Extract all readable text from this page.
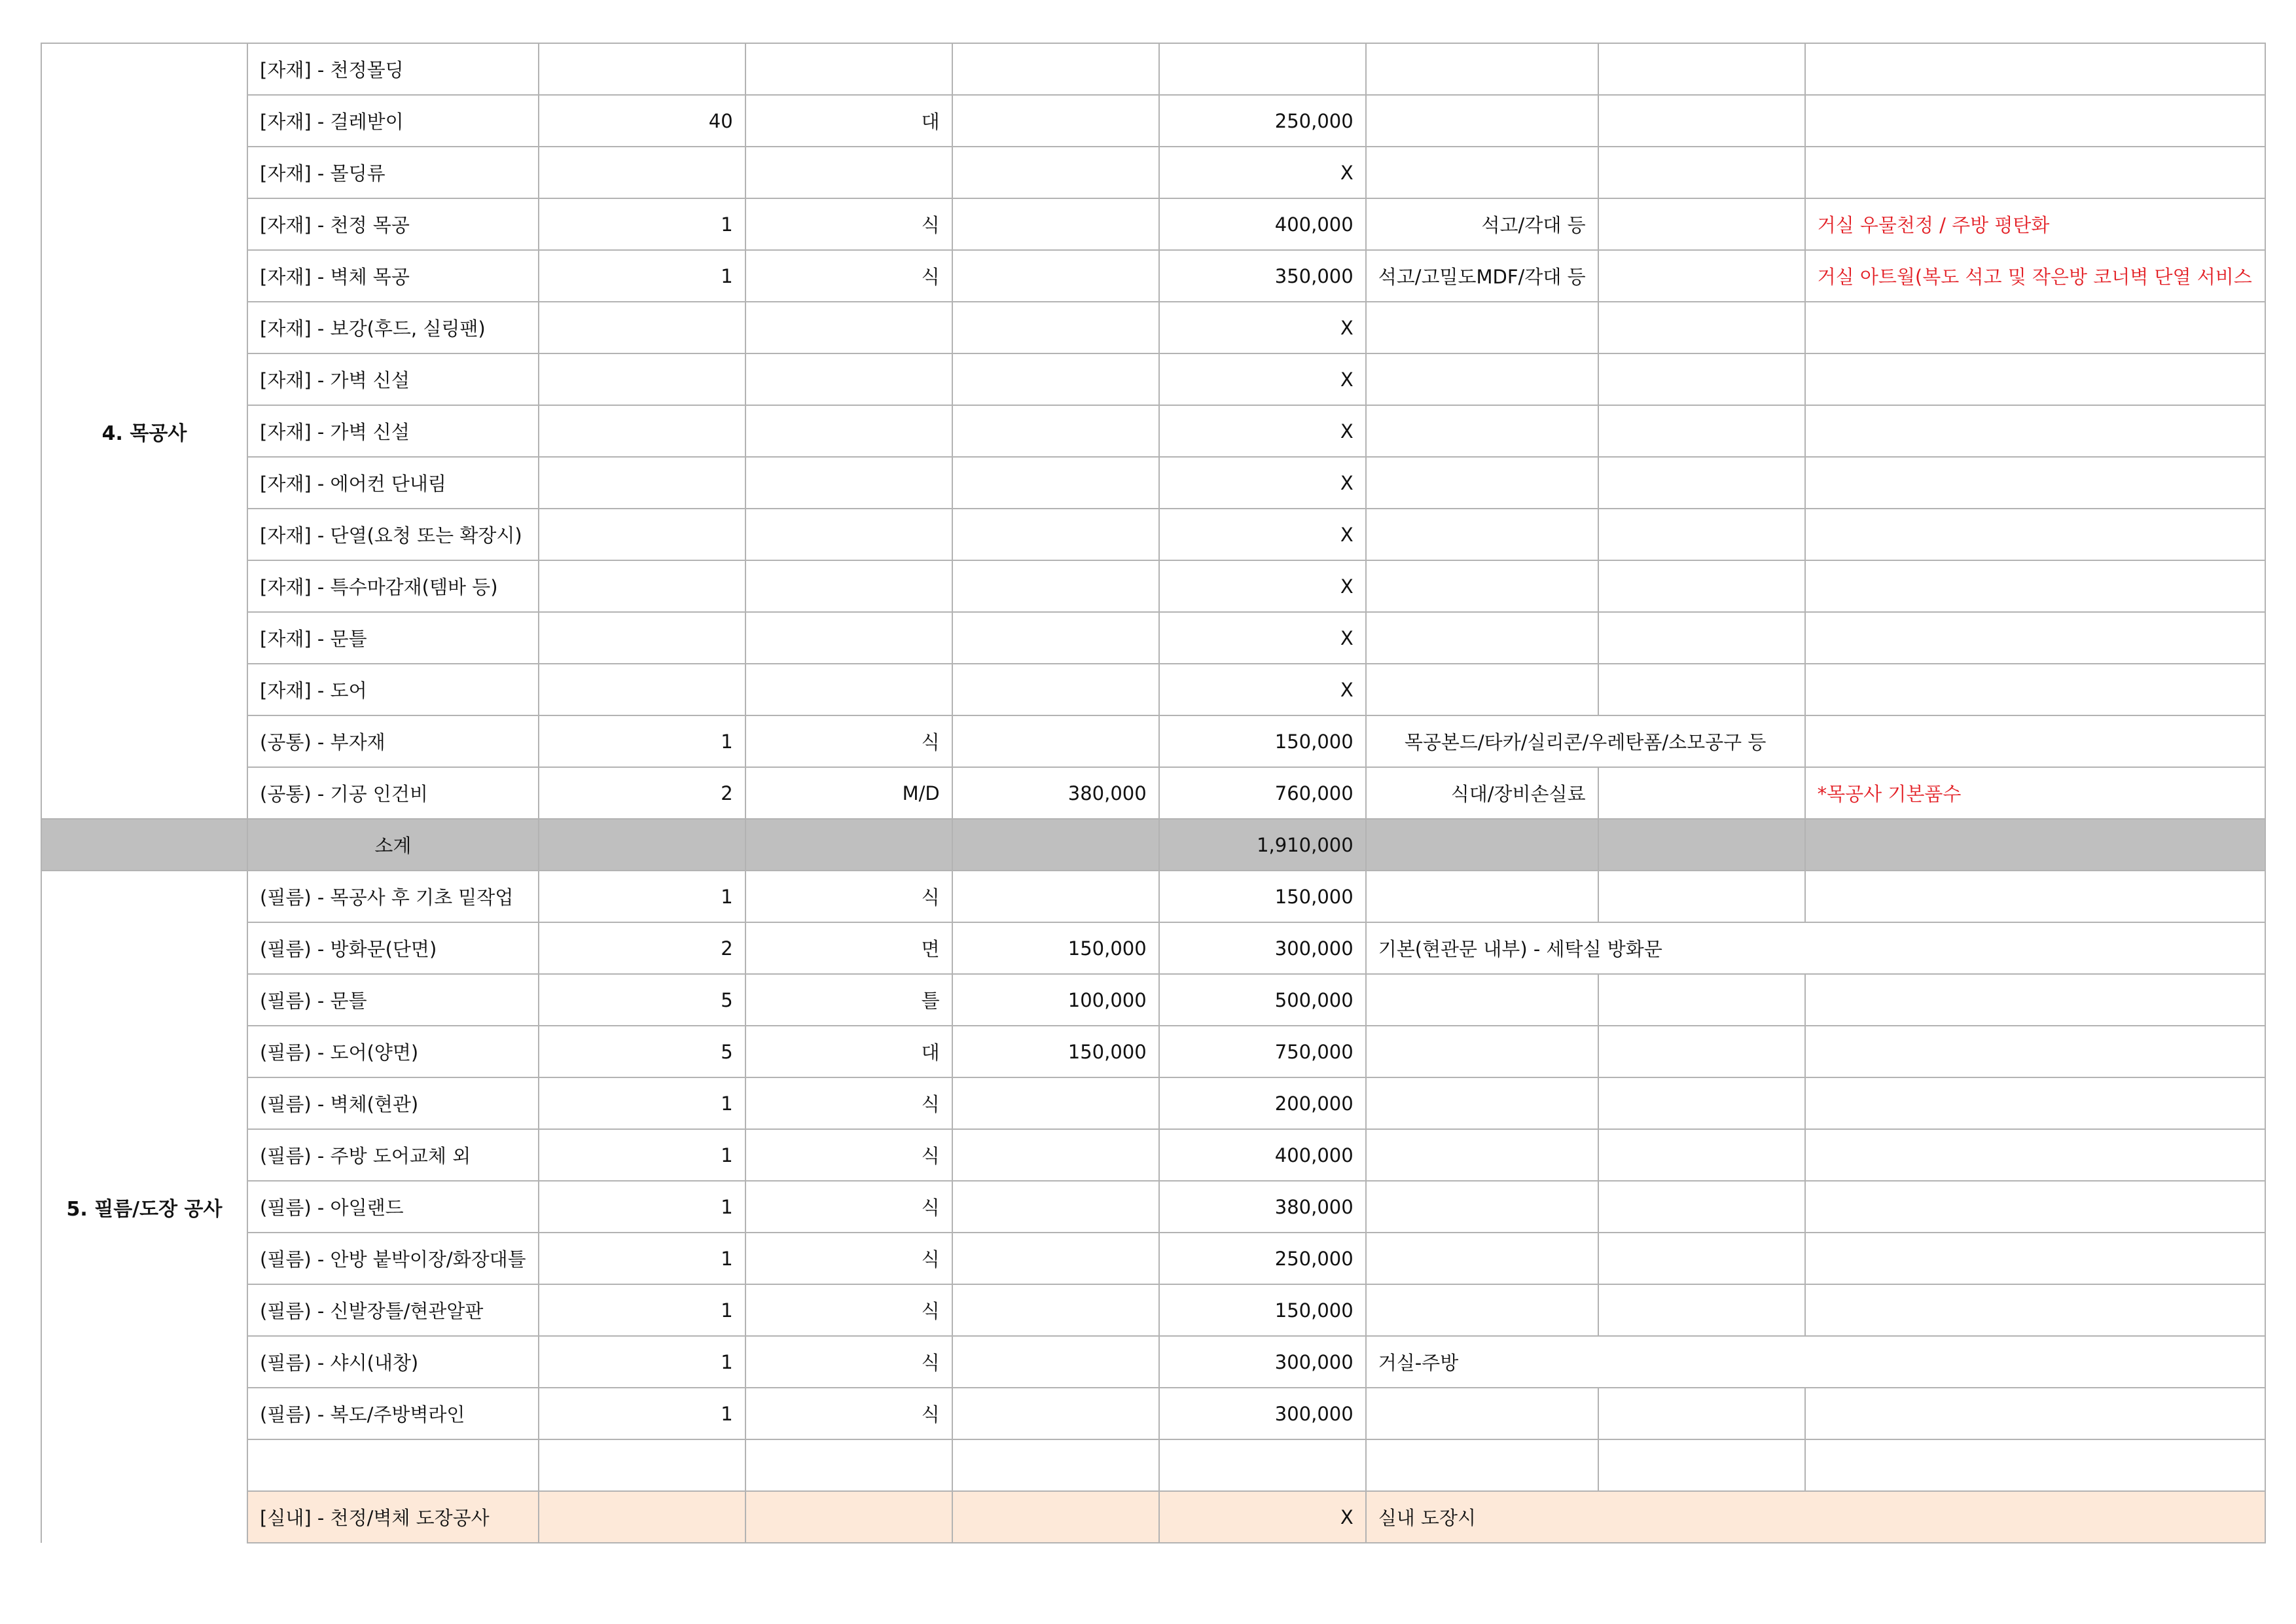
4. 목공사	[자재] - 천정몰딩							
	[자재] - 걸레받이	40	대		250,000			
	[자재] - 몰딩류				X			
	[자재] - 천정 목공	1	식		400,000	석고/각대 등		거실 우물천정 / 주방 평탄화
	[자재] - 벽체 목공	1	식		350,000	석고/고밀도MDF/각대 등		거실 아트월(복도 석고 및 작은방 코너벽 단열 서비스
	[자재] - 보강(후드, 실링팬)				X			
	[자재] - 가벽 신설				X			
	[자재] - 가벽 신설				X			
	[자재] - 에어컨 단내림				X			
	[자재] - 단열(요청 또는 확장시)				X			
	[자재] - 특수마감재(템바 등)				X			
	[자재] - 문틀				X			
	[자재] - 도어				X			
	(공통) - 부자재	1	식		150,000	목공본드/타카/실리콘/우레탄폼/소모공구 등		
	(공통) - 기공 인건비	2	M/D	380,000	760,000	식대/장비손실료		*목공사 기본품수
	소계				1,910,000			
5. 필름/도장 공사	(필름) - 목공사 후 기초 밑작업	1	식		150,000			
	(필름) - 방화문(단면)	2	면	150,000	300,000	기본(현관문 내부) - 세탁실 방화문		
	(필름) - 문틀	5	틀	100,000	500,000			
	(필름) - 도어(양면)	5	대	150,000	750,000			
	(필름) - 벽체(현관)	1	식		200,000			
	(필름) - 주방 도어교체 외	1	식		400,000			
	(필름) - 아일랜드	1	식		380,000			
	(필름) - 안방 붙박이장/화장대틀	1	식		250,000			
	(필름) - 신발장틀/현관알판	1	식		150,000			
	(필름) - 샤시(내창)	1	식		300,000	거실-주방		
	(필름) - 복도/주방벽라인	1	식		300,000			

	[실내] - 천정/벽체 도장공사				X	실내 도장시		
